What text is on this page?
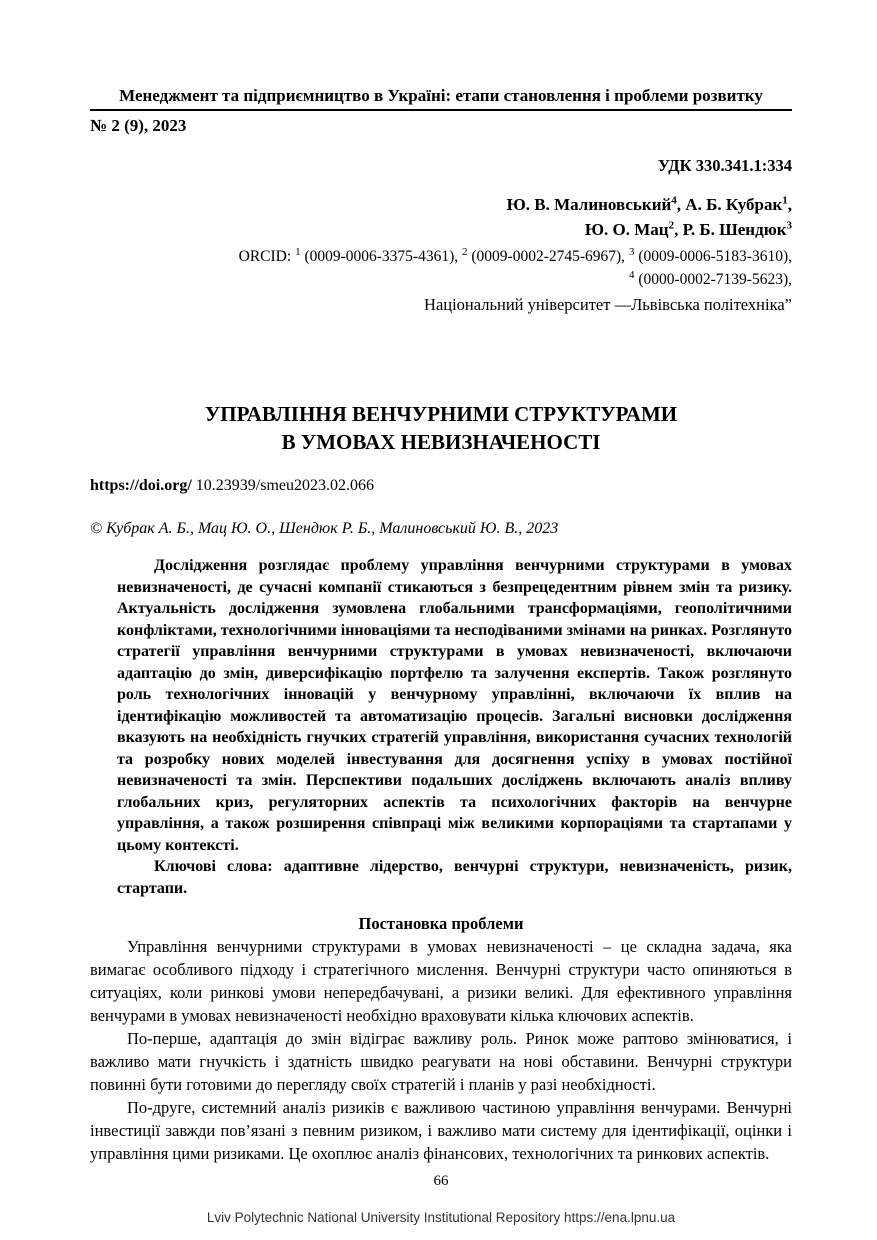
Менеджмент та підприємництво в Україні: етапи становлення і проблеми розвитку
№ 2 (9), 2023
УДК 330.341.1:334
Ю. В. Малиновський$^4$, А. Б. Кубрак$^1$,
Ю. О. Мац$^2$, Р. Б. Шендюк$^3$
ORCID: $^1$ (0009-0006-3375-4361), $^2$ (0009-0002-2745-6967), $^3$ (0009-0006-5183-3610),
$^4$ (0000-0002-7139-5623),
Національний університет —Львівська політехніка”
УПРАВЛІННЯ ВЕНЧУРНИМИ СТРУКТУРАМИ
В УМОВАХ НЕВИЗНАЧЕНОСТІ
https://doi.org/ 10.23939/smeu2023.02.066
© Кубрак А. Б., Мац Ю. О., Шендюк Р. Б., Малиновський Ю. В., 2023

Дослідження розглядає проблему управління венчурними структурами в умовах невизначеності, де сучасні компанії стикаються з безпрецедентним рівнем змін та ризику. Актуальність дослідження зумовлена глобальними трансформаціями, геополітичними конфліктами, технологічними інноваціями та несподіваними змінами на ринках. Розглянуто стратегії управління венчурними структурами в умовах невизначеності, включаючи адаптацію до змін, диверсифікацію портфелю та залучення експертів. Також розглянуто роль технологічних інновацій у венчурному управлінні, включаючи їх вплив на ідентифікацію можливостей та автоматизацію процесів. Загальні висновки дослідження вказують на необхідність гнучких стратегій управління, використання сучасних технологій та розробку нових моделей інвестування для досягнення успіху в умовах постійної невизначеності та змін. Перспективи подальших досліджень включають аналіз впливу глобальних криз, регуляторних аспектів та психологічних факторів на венчурне управління, а також розширення співпраці між великими корпораціями та стартапами у цьому контексті.

Ключові слова: адаптивне лідерство, венчурні структури, невизначеність, ризик, стартапи.

Постановка проблеми

Управління венчурними структурами в умовах невизначеності – це складна задача, яка вимагає особливого підходу і стратегічного мислення. Венчурні структури часто опиняються в ситуаціях, коли ринкові умови непередбачувані, а ризики великі. Для ефективного управління венчурами в умовах невизначеності необхідно враховувати кілька ключових аспектів.

По-перше, адаптація до змін відіграє важливу роль. Ринок може раптово змінюватися, і важливо мати гнучкість і здатність швидко реагувати на нові обставини. Венчурні структури повинні бути готовими до перегляду своїх стратегій і планів у разі необхідності.

По-друге, системний аналіз ризиків є важливою частиною управління венчурами. Венчурні інвестиції завжди пов’язані з певним ризиком, і важливо мати систему для ідентифікації, оцінки і управління цими ризиками. Це охоплює аналіз фінансових, технологічних та ринкових аспектів.

66
Lviv Polytechnic National University Institutional Repository https://ena.lpnu.ua
